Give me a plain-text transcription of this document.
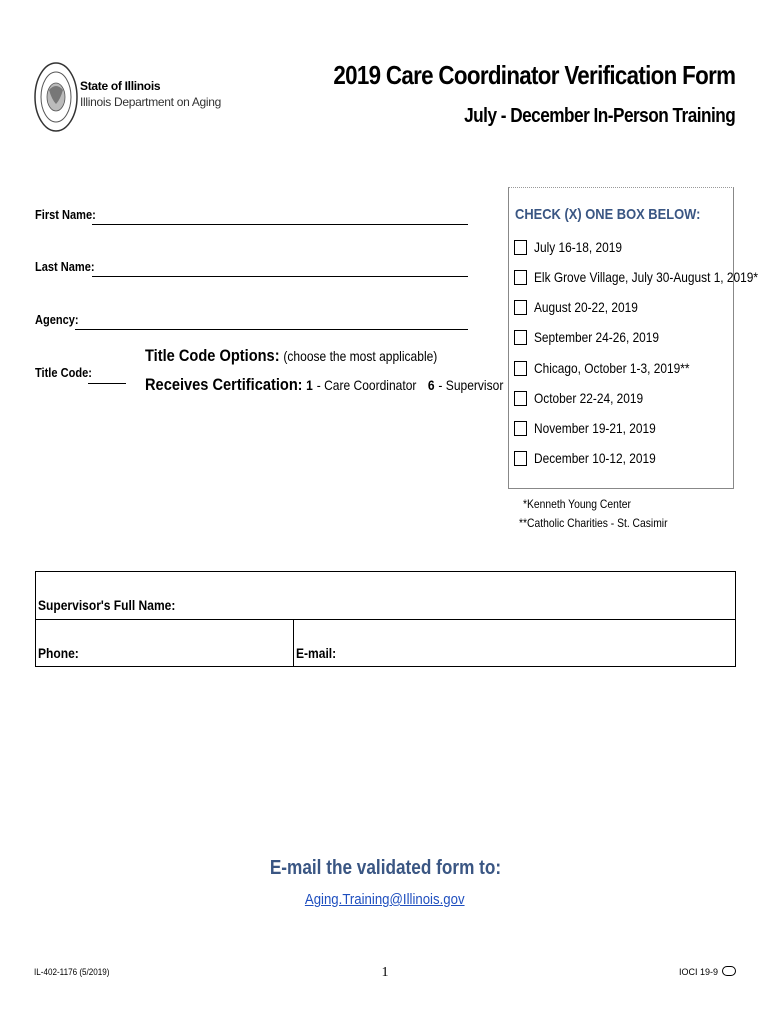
State of Illinois
Illinois Department on Aging
2019 Care Coordinator Verification Form
July - December In-Person Training
First Name:
Last Name:
Agency:
Title Code:
Title Code Options: (choose the most applicable)
Receives Certification: 1 - Care Coordinator 6 - Supervisor
CHECK (X) ONE BOX BELOW:
July 16-18, 2019
Elk Grove Village, July 30-August 1, 2019*
August 20-22, 2019
September 24-26, 2019
Chicago, October 1-3, 2019**
October 22-24, 2019
November 19-21, 2019
December 10-12, 2019
*Kenneth Young Center
**Catholic Charities - St. Casimir
Supervisor's Full Name:
Phone:	E-mail:
E-mail the validated form to:
Aging.Training@Illinois.gov
IL-402-1176 (5/2019)	1	IOCI 19-9
